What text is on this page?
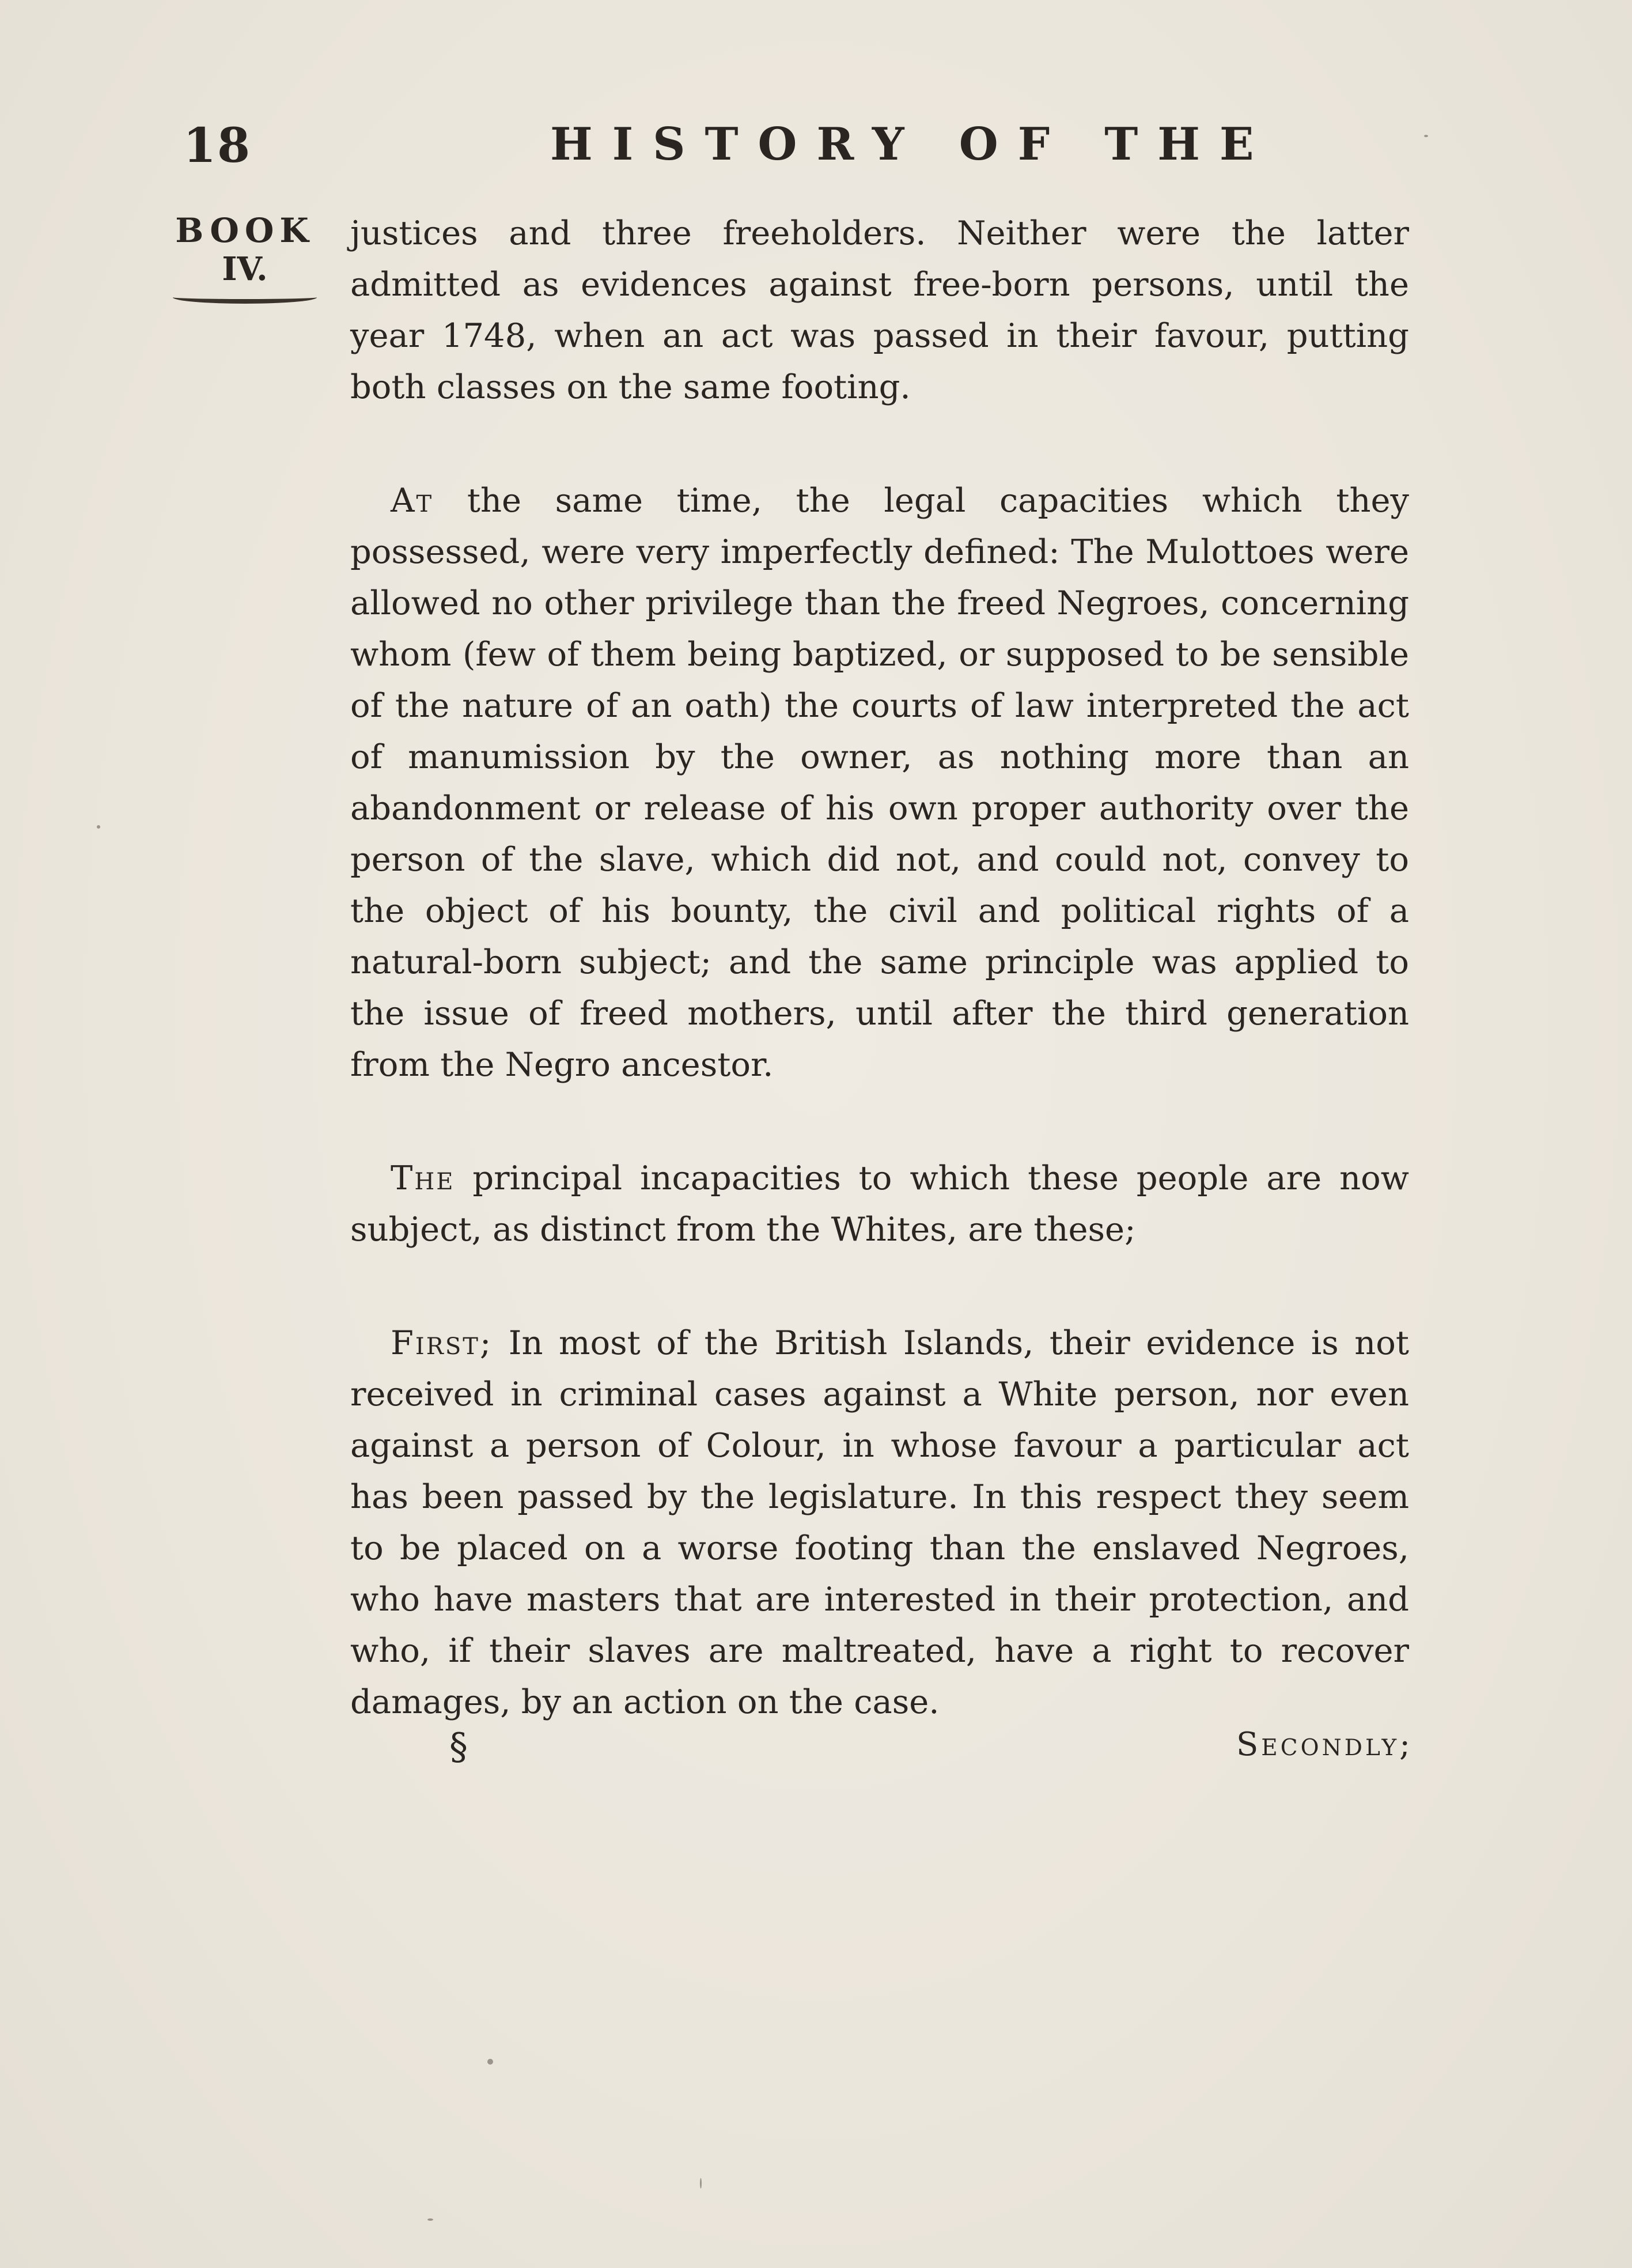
18	HISTORY OF THE
BOOK
IV.

justices and three freeholders. Neither were the latter admitted as evidences against free-born persons, until the year 1748, when an act was passed in their favour, putting both classes on the same footing.

At the same time, the legal capacities which they possessed, were very imperfectly defined: The Mulottoes were allowed no other privilege than the freed Negroes, concerning whom (few of them being baptized, or supposed to be sensible of the nature of an oath) the courts of law interpreted the act of manumission by the owner, as nothing more than an abandonment or release of his own proper authority over the person of the slave, which did not, and could not, convey to the object of his bounty, the civil and political rights of a natural-born subject; and the same principle was applied to the issue of freed mothers, until after the third generation from the Negro ancestor.

The principal incapacities to which these people are now subject, as distinct from the Whites, are these;

First; In most of the British Islands, their evidence is not received in criminal cases against a White person, nor even against a person of Colour, in whose favour a particular act has been passed by the legislature. In this respect they seem to be placed on a worse footing than the enslaved Negroes, who have masters that are interested in their protection, and who, if their slaves are maltreated, have a right to recover damages, by an action on the case.

§	Secondly;
